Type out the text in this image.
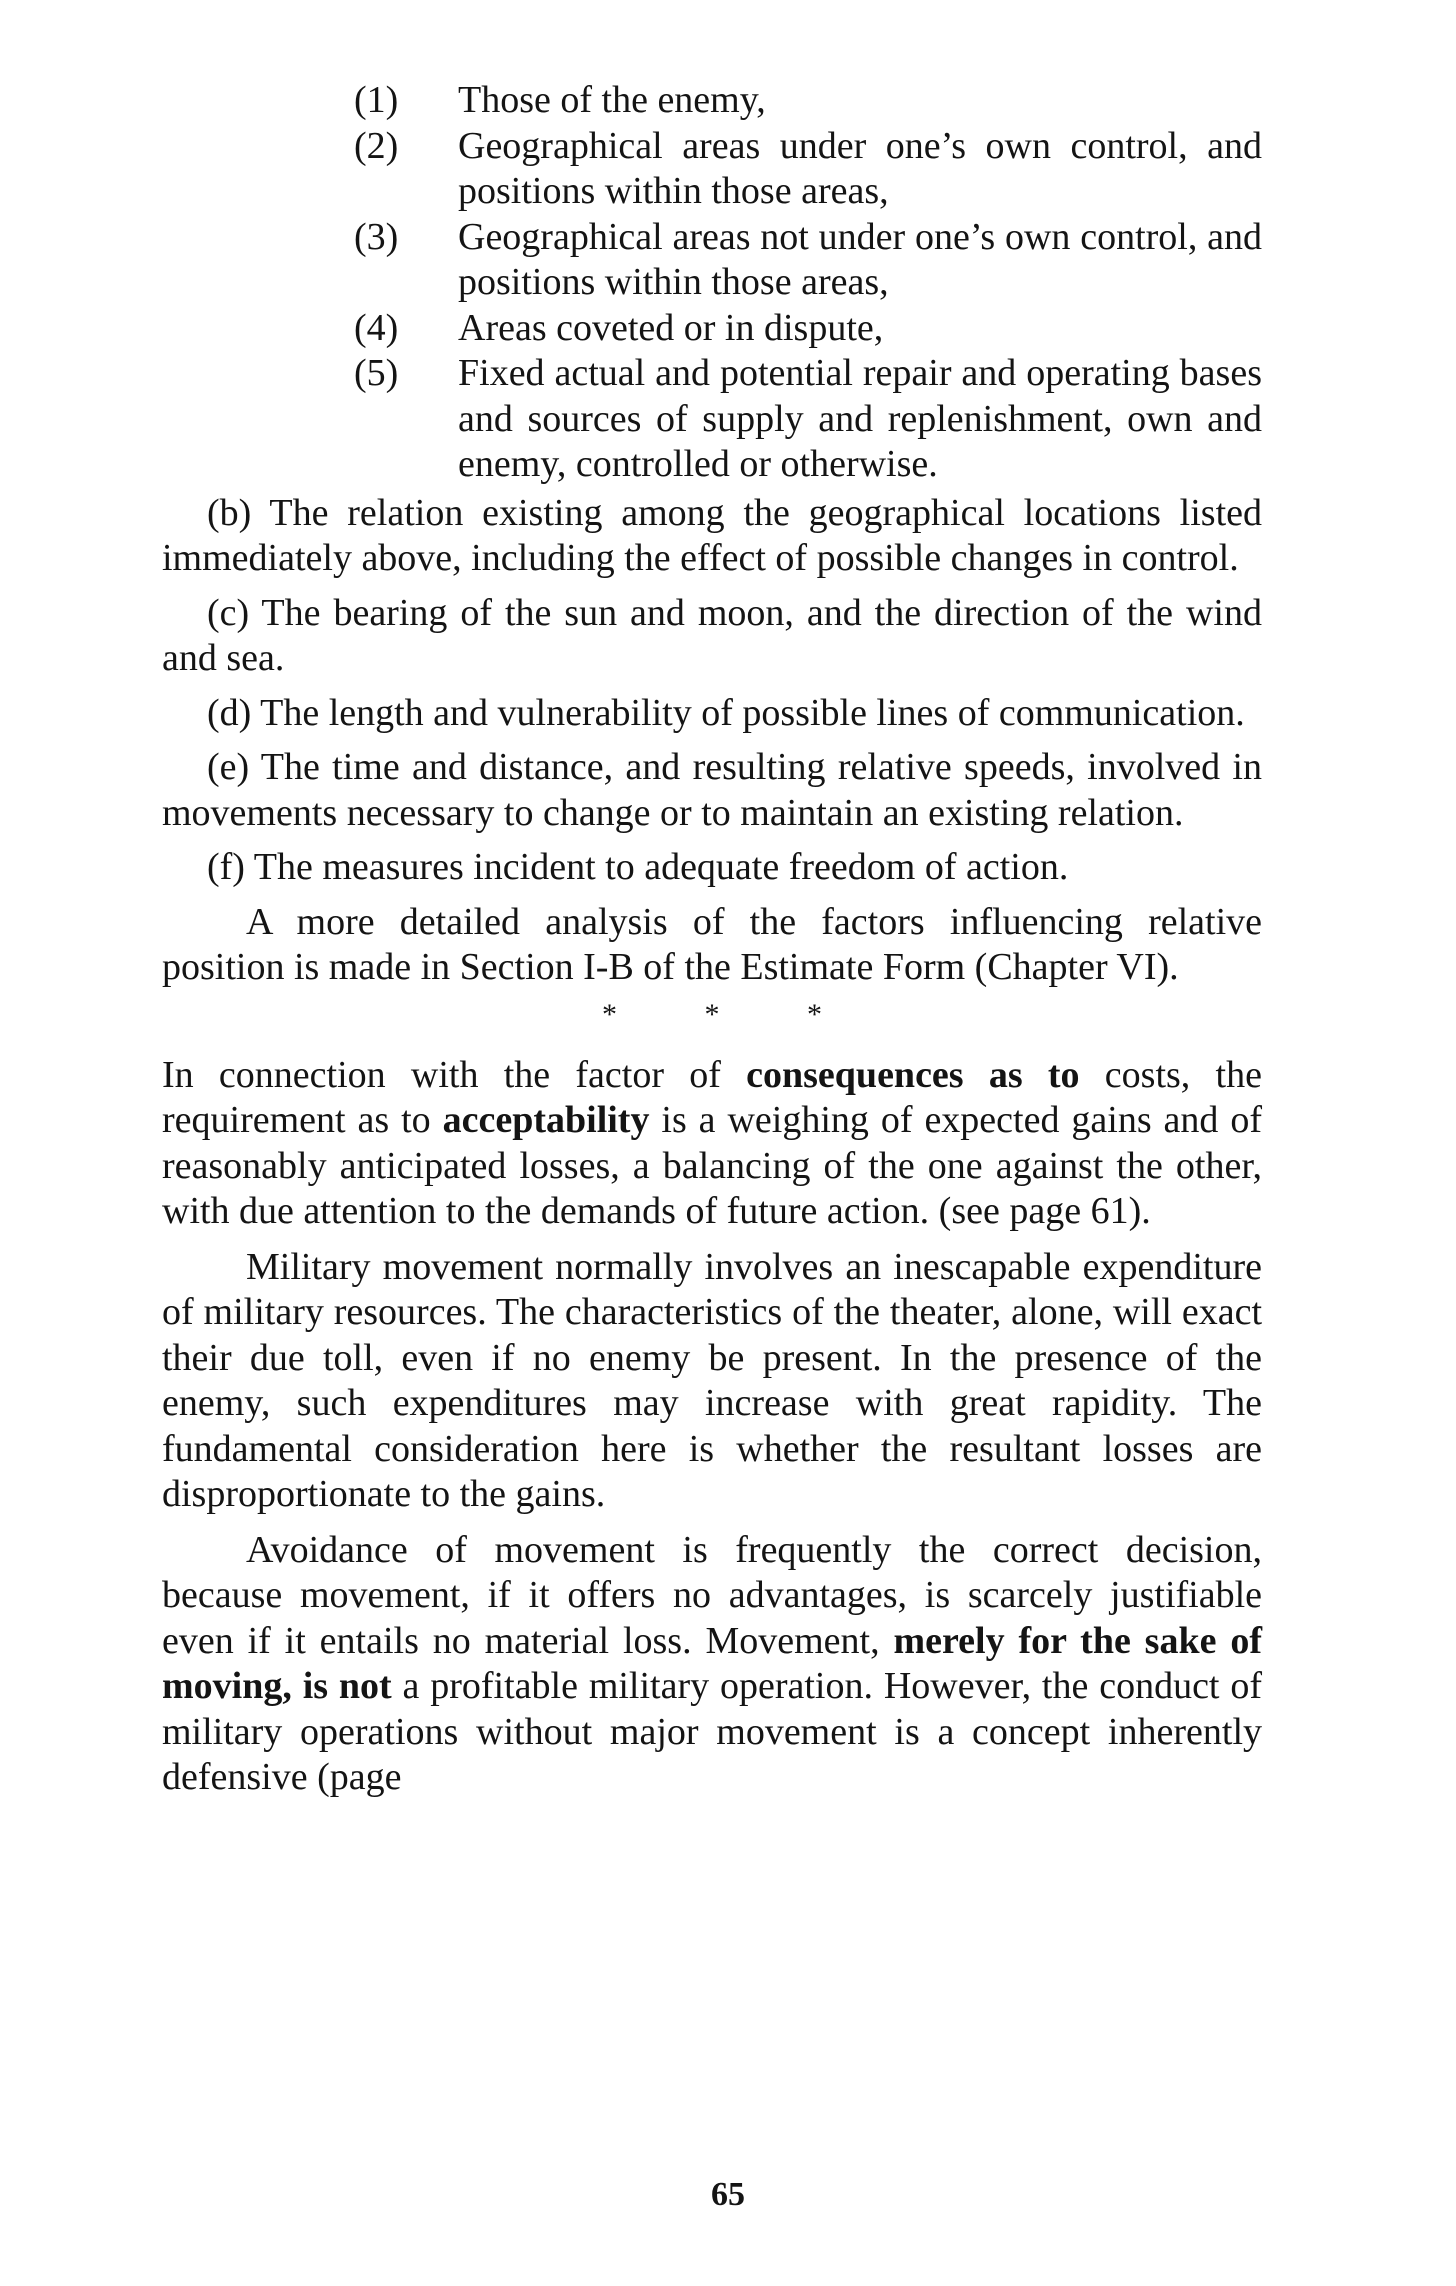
(1) Those of the enemy,
(2) Geographical areas under one’s own control, and positions within those areas,
(3) Geographical areas not under one’s own control, and positions within those areas,
(4) Areas coveted or in dispute,
(5) Fixed actual and potential repair and operating bases and sources of supply and replenishment, own and enemy, controlled or otherwise.

(b) The relation existing among the geographical locations listed immediately above, including the effect of possible changes in control.

(c) The bearing of the sun and moon, and the direction of the wind and sea.

(d) The length and vulnerability of possible lines of communication.

(e) The time and distance, and resulting relative speeds, involved in movements necessary to change or to maintain an existing relation.

(f) The measures incident to adequate freedom of action.

A more detailed analysis of the factors influencing relative position is made in Section I-B of the Estimate Form (Chapter VI).

* * *

In connection with the factor of consequences as to costs, the requirement as to acceptability is a weighing of expected gains and of reasonably anticipated losses, a balancing of the one against the other, with due attention to the demands of future action. (see page 61).

Military movement normally involves an inescapable expenditure of military resources. The characteristics of the theater, alone, will exact their due toll, even if no enemy be present. In the presence of the enemy, such expenditures may increase with great rapidity. The fundamental consideration here is whether the resultant losses are disproportionate to the gains.

Avoidance of movement is frequently the correct decision, because movement, if it offers no advantages, is scarcely justifiable even if it entails no material loss. Movement, merely for the sake of moving, is not a profitable military operation. However, the conduct of military operations without major movement is a concept inherently defensive (page

65
